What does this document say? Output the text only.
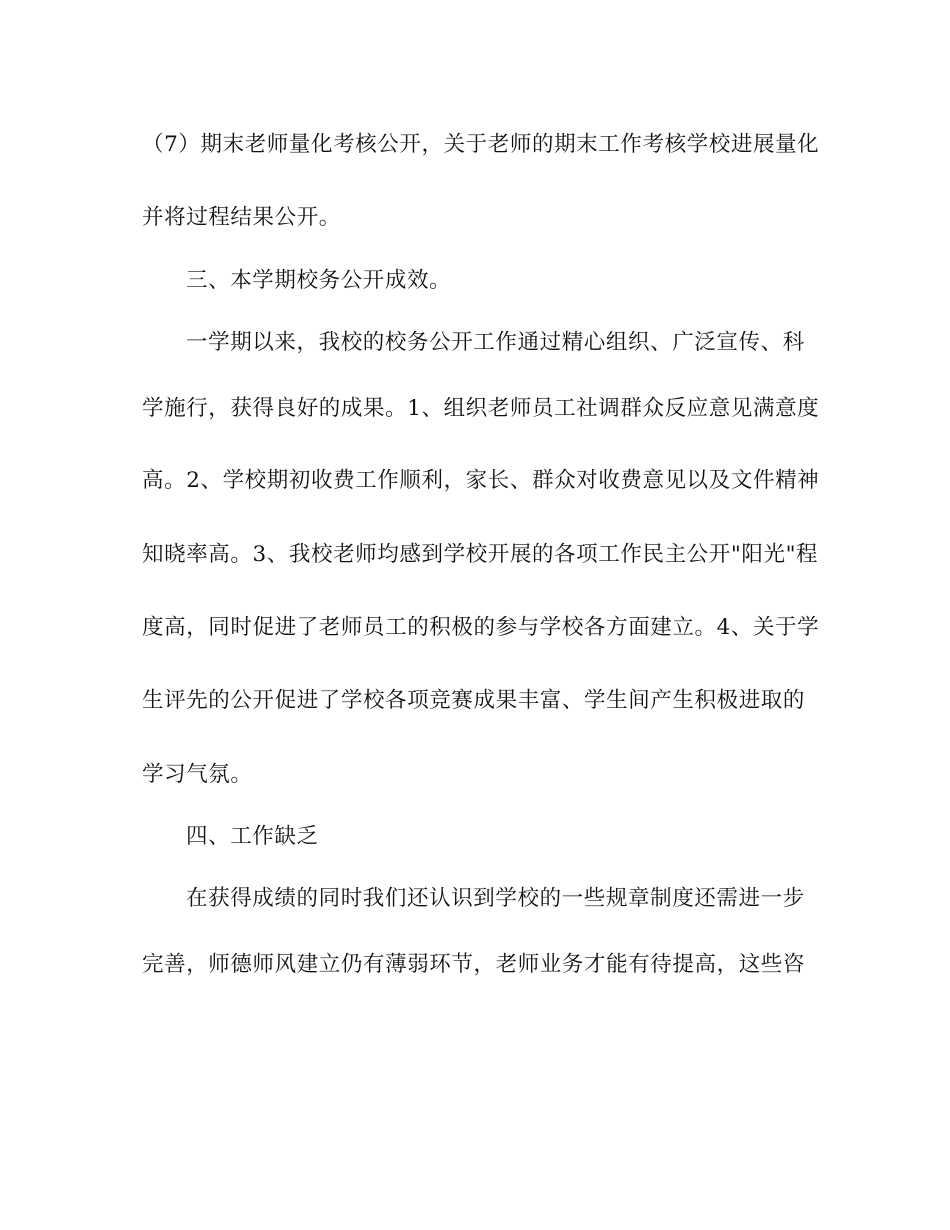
（7）期末老师量化考核公开，关于老师的期末工作考核学校进展量化
并将过程结果公开。
三、本学期校务公开成效。
一学期以来，我校的校务公开工作通过精心组织、广泛宣传、科
学施行，获得良好的成果。1、组织老师员工社调群众反应意见满意度
高。2、学校期初收费工作顺利，家长、群众对收费意见以及文件精神
知晓率高。3、我校老师均感到学校开展的各项工作民主公开"阳光"程
度高，同时促进了老师员工的积极的参与学校各方面建立。4、关于学
生评先的公开促进了学校各项竞赛成果丰富、学生间产生积极进取的
学习气氛。
四、工作缺乏
在获得成绩的同时我们还认识到学校的一些规章制度还需进一步
完善，师德师风建立仍有薄弱环节，老师业务才能有待提高，这些咨
